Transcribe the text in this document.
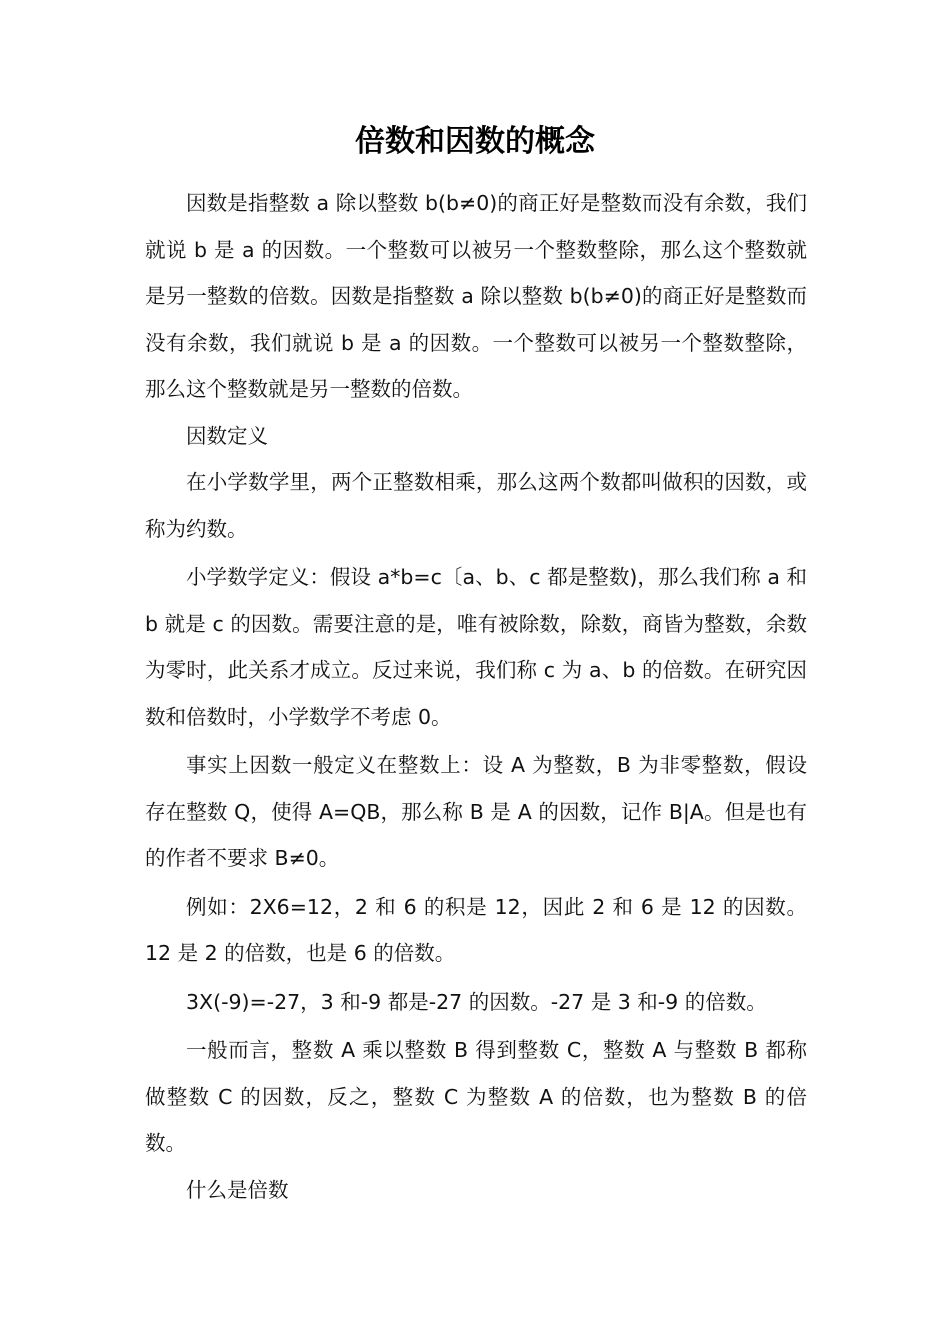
倍数和因数的概念

因数是指整数 a 除以整数 b(b≠0)的商正好是整数而没有余数，我们就说 b 是 a 的因数。一个整数可以被另一个整数整除，那么这个整数就是另一整数的倍数。因数是指整数 a 除以整数 b(b≠0)的商正好是整数而没有余数，我们就说 b 是 a 的因数。一个整数可以被另一个整数整除，那么这个整数就是另一整数的倍数。

因数定义

在小学数学里，两个正整数相乘，那么这两个数都叫做积的因数，或称为约数。

小学数学定义：假设 a*b=c〔a、b、c 都是整数)，那么我们称 a 和 b 就是 c 的因数。需要注意的是，唯有被除数，除数，商皆为整数，余数为零时，此关系才成立。反过来说，我们称 c 为 a、b 的倍数。在研究因数和倍数时，小学数学不考虑 0。

事实上因数一般定义在整数上：设 A 为整数，B 为非零整数，假设存在整数 Q，使得 A=QB，那么称 B 是 A 的因数，记作 B|A。但是也有的作者不要求 B≠0。

例如：2X6=12，2 和 6 的积是 12，因此 2 和 6 是 12 的因数。12 是 2 的倍数，也是 6 的倍数。

3X(-9)=-27，3 和-9 都是-27 的因数。-27 是 3 和-9 的倍数。

一般而言，整数 A 乘以整数 B 得到整数 C，整数 A 与整数 B 都称做整数 C 的因数，反之，整数 C 为整数 A 的倍数，也为整数 B 的倍数。

什么是倍数
